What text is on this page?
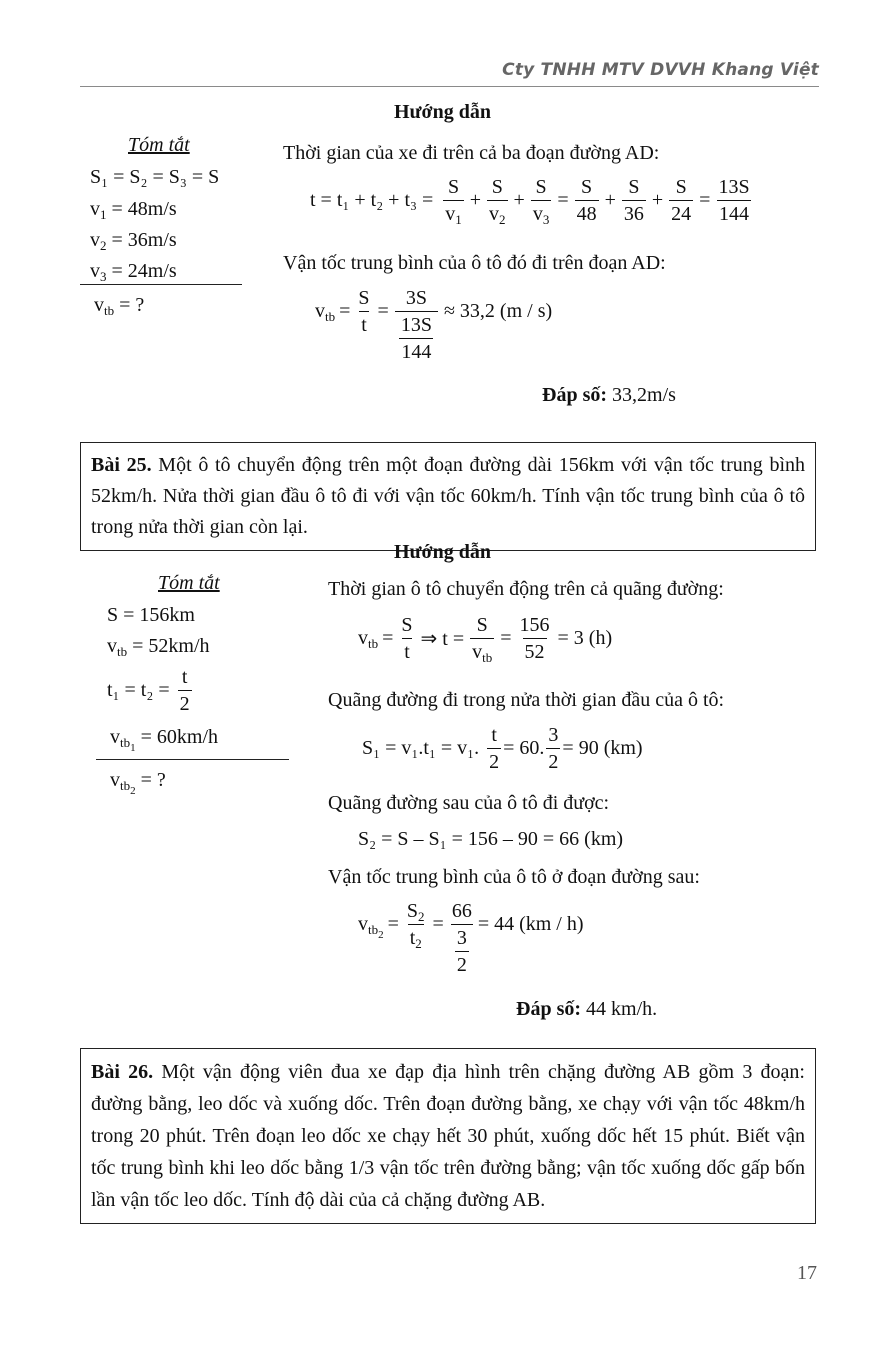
Cty TNHH MTV DVVH Khang Việt
Hướng dẫn
Tóm tắt
S₁ = S₂ = S₃ = S
$v_1 = 48m/s$
$v_2 = 36m/s$
$v_3 = 24m/s$
$v_{tb}$ = ?
Thời gian của xe đi trên cả ba đoạn đường AD:
$t = t_1 + t_2 + t_3 = \frac{S}{v_1} + \frac{S}{v_2} + \frac{S}{v_3} = \frac{S}{48} + \frac{S}{36} + \frac{S}{24} = \frac{13S}{144}$
Vận tốc trung bình của ô tô đó đi trên đoạn AD:
$v_{tb} = \frac{S}{t} = \frac{3S}{\frac{13S}{144}} \approx 33,2$ (m / s)
Đáp số: 33,2m/s
Bài 25. Một ô tô chuyển động trên một đoạn đường dài 156km với vận tốc trung bình 52km/h. Nửa thời gian đầu ô tô đi với vận tốc 60km/h. Tính vận tốc trung bình của ô tô trong nửa thời gian còn lại.
Hướng dẫn
Tóm tắt
S = 156km
$v_{tb} = 52km/h$
$t_1 = t_2 = \frac{t}{2}$
$v_{tb_1} = 60km/h$
$v_{tb_2}$ = ?
Thời gian ô tô chuyển động trên cả quãng đường:
$v_{tb} = \frac{S}{t}$ ⇒ $t = \frac{S}{v_{tb}} = \frac{156}{52} = 3$ (h)
Quãng đường đi trong nửa thời gian đầu của ô tô:
S₁ = v₁.t₁ = v₁. $\frac{t}{2} = 60$. $\frac{3}{2} = 90$ (km)
Quãng đường sau của ô tô đi được:
S₂ = S – S₁ = 156 – 90 = 66 (km)
Vận tốc trung bình của ô tô ở đoạn đường sau:
$v_{tb_2} = \frac{S_2}{t_2} = \frac{66}{\frac{3}{2}} = 44$ (km / h)
Đáp số: 44 km/h.
Bài 26. Một vận động viên đua xe đạp địa hình trên chặng đường AB gồm 3 đoạn: đường bằng, leo dốc và xuống dốc. Trên đoạn đường bằng, xe chạy với vận tốc 48km/h trong 20 phút. Trên đoạn leo dốc xe chạy hết 30 phút, xuống dốc hết 15 phút. Biết vận tốc trung bình khi leo dốc bằng 1/3 vận tốc trên đường bằng; vận tốc xuống dốc gấp bốn lần vận tốc leo dốc. Tính độ dài của cả chặng đường AB.
17
